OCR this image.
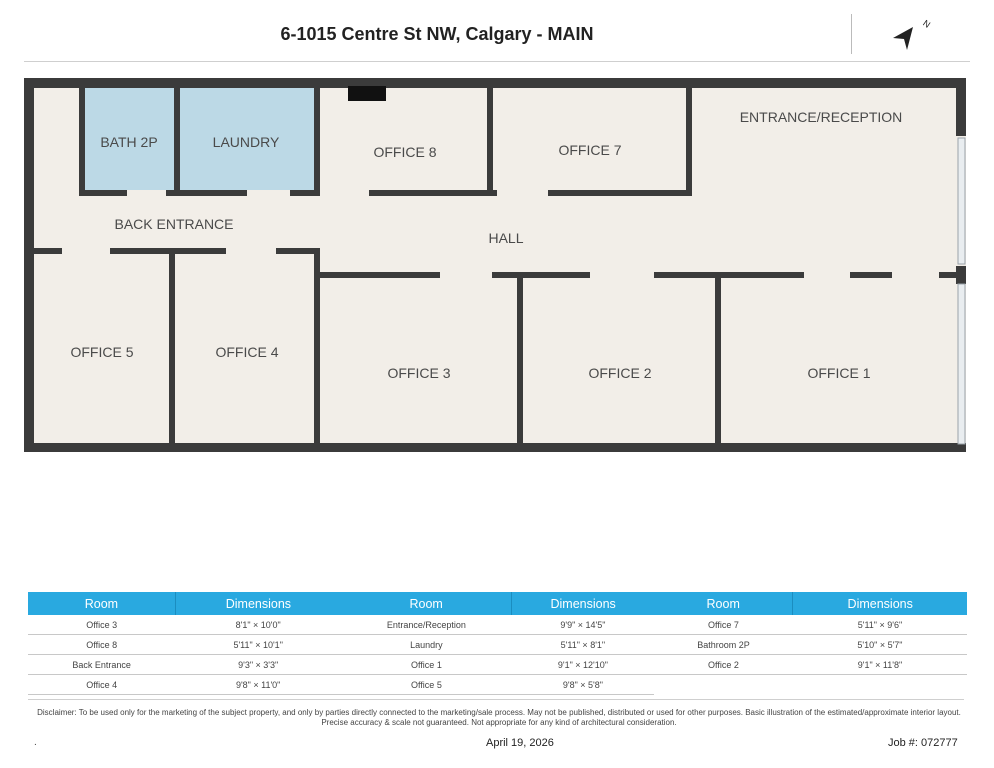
6-1015 Centre St NW, Calgary - MAIN
N
BATH 2P	LAUNDRY
OFFICE 8	OFFICE 7
ENTRANCE/RECEPTION
BACK ENTRANCE
HALL
OFFICE 5	OFFICE 4
OFFICE 3	OFFICE 2	OFFICE 1
Room	Dimensions
Office 3	8'1" × 10'0"
Office 8	5'11" × 10'1"
Back Entrance	9'3" × 3'3"
Office 4	9'8" × 11'0"
Room	Dimensions
Entrance/Reception	9'9" × 14'5"
Laundry	5'11" × 8'1"
Office 1	9'1" × 12'10"
Office 5	9'8" × 5'8"
Room	Dimensions
Office 7	5'11" × 9'6"
Bathroom 2P	5'10" × 5'7"
Office 2	9'1" × 11'8"

Disclaimer: To be used only for the marketing of the subject property, and only by parties directly connected to the marketing/sale process. May not be published, distributed or used for other purposes. Basic illustration of the estimated/approximate interior layout. Precise accuracy & scale not guaranteed. Not appropriate for any kind of architectural consideration.
.	April 19, 2026	Job #: 072777
